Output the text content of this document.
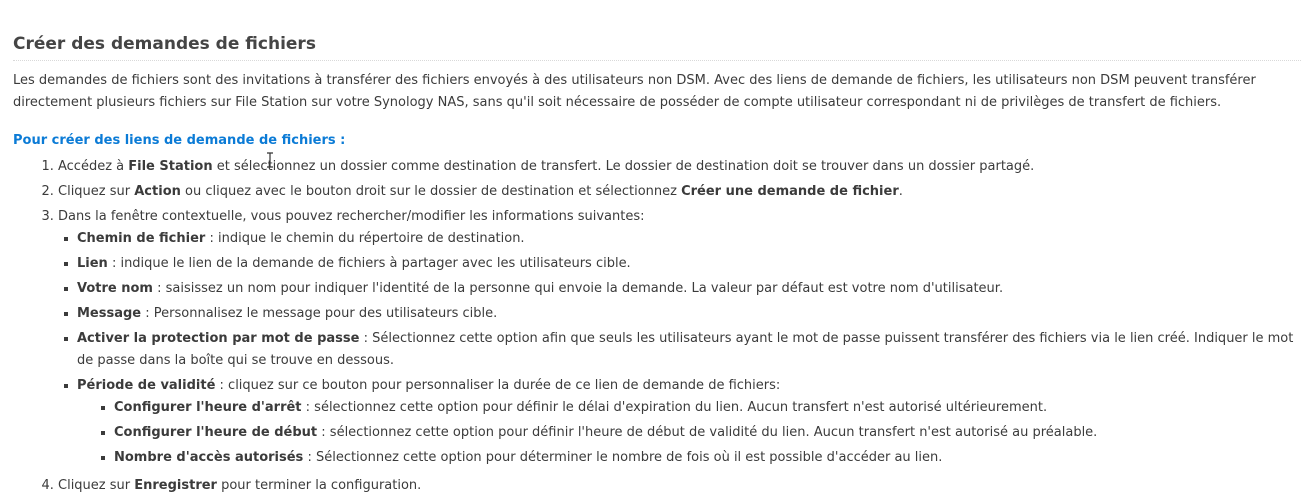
Créer des demandes de fichiers

Les demandes de fichiers sont des invitations à transférer des fichiers envoyés à des utilisateurs non DSM. Avec des liens de demande de fichiers, les utilisateurs non DSM peuvent transférer directement plusieurs fichiers sur File Station sur votre Synology NAS, sans qu'il soit nécessaire de posséder de compte utilisateur correspondant ni de privilèges de transfert de fichiers.

Pour créer des liens de demande de fichiers :
1. Accédez à File Station et sélectionnez un dossier comme destination de transfert. Le dossier de destination doit se trouver dans un dossier partagé.
2. Cliquez sur Action ou cliquez avec le bouton droit sur le dossier de destination et sélectionnez Créer une demande de fichier.
3. Dans la fenêtre contextuelle, vous pouvez rechercher/modifier les informations suivantes:
Chemin de fichier : indique le chemin du répertoire de destination.
Lien : indique le lien de la demande de fichiers à partager avec les utilisateurs cible.
Votre nom : saisissez un nom pour indiquer l'identité de la personne qui envoie la demande. La valeur par défaut est votre nom d'utilisateur.
Message : Personnalisez le message pour des utilisateurs cible.
Activer la protection par mot de passe : Sélectionnez cette option afin que seuls les utilisateurs ayant le mot de passe puissent transférer des fichiers via le lien créé. Indiquer le mot de passe dans la boîte qui se trouve en dessous.
Période de validité : cliquez sur ce bouton pour personnaliser la durée de ce lien de demande de fichiers:
Configurer l'heure d'arrêt : sélectionnez cette option pour définir le délai d'expiration du lien. Aucun transfert n'est autorisé ultérieurement.
Configurer l'heure de début : sélectionnez cette option pour définir l'heure de début de validité du lien. Aucun transfert n'est autorisé au préalable.
Nombre d'accès autorisés : Sélectionnez cette option pour déterminer le nombre de fois où il est possible d'accéder au lien.
4. Cliquez sur Enregistrer pour terminer la configuration.
